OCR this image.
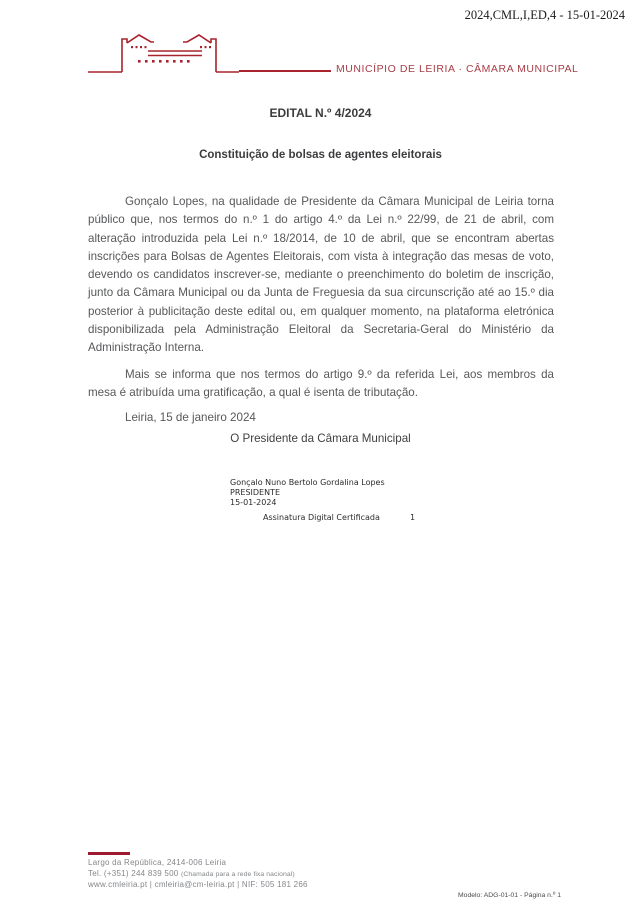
2024,CML,I,ED,4 - 15-01-2024
MUNICÍPIO DE LEIRIA · CÂMARA MUNICIPAL
EDITAL N.º 4/2024
Constituição de bolsas de agentes eleitorais

Gonçalo Lopes, na qualidade de Presidente da Câmara Municipal de Leiria torna público que, nos termos do n.º 1 do artigo 4.º da Lei n.º 22/99, de 21 de abril, com alteração introduzida pela Lei n.º 18/2014, de 10 de abril, que se encontram abertas inscrições para Bolsas de Agentes Eleitorais, com vista à integração das mesas de voto, devendo os candidatos inscrever-se, mediante o preenchimento do boletim de inscrição, junto da Câmara Municipal ou da Junta de Freguesia da sua circunscrição até ao 15.º dia posterior à publicitação deste edital ou, em qualquer momento, na plataforma eletrónica disponibilizada pela Administração Eleitoral da Secretaria-Geral do Ministério da Administração Interna.

Mais se informa que nos termos do artigo 9.º da referida Lei, aos membros da mesa é atribuída uma gratificação, a qual é isenta de tributação.

Leiria, 15 de janeiro 2024
O Presidente da Câmara Municipal
Gonçalo Nuno Bertolo Gordalina Lopes
PRESIDENTE
15-01-2024
Assinatura Digital Certificada	1
Largo da República, 2414-006 Leiria
Tel. (+351) 244 839 500 (Chamada para a rede fixa nacional)
www.cmleiria.pt | cmleiria@cm-leiria.pt | NIF: 505 181 266
Modelo: ADG-01-01 - Página n.º 1
